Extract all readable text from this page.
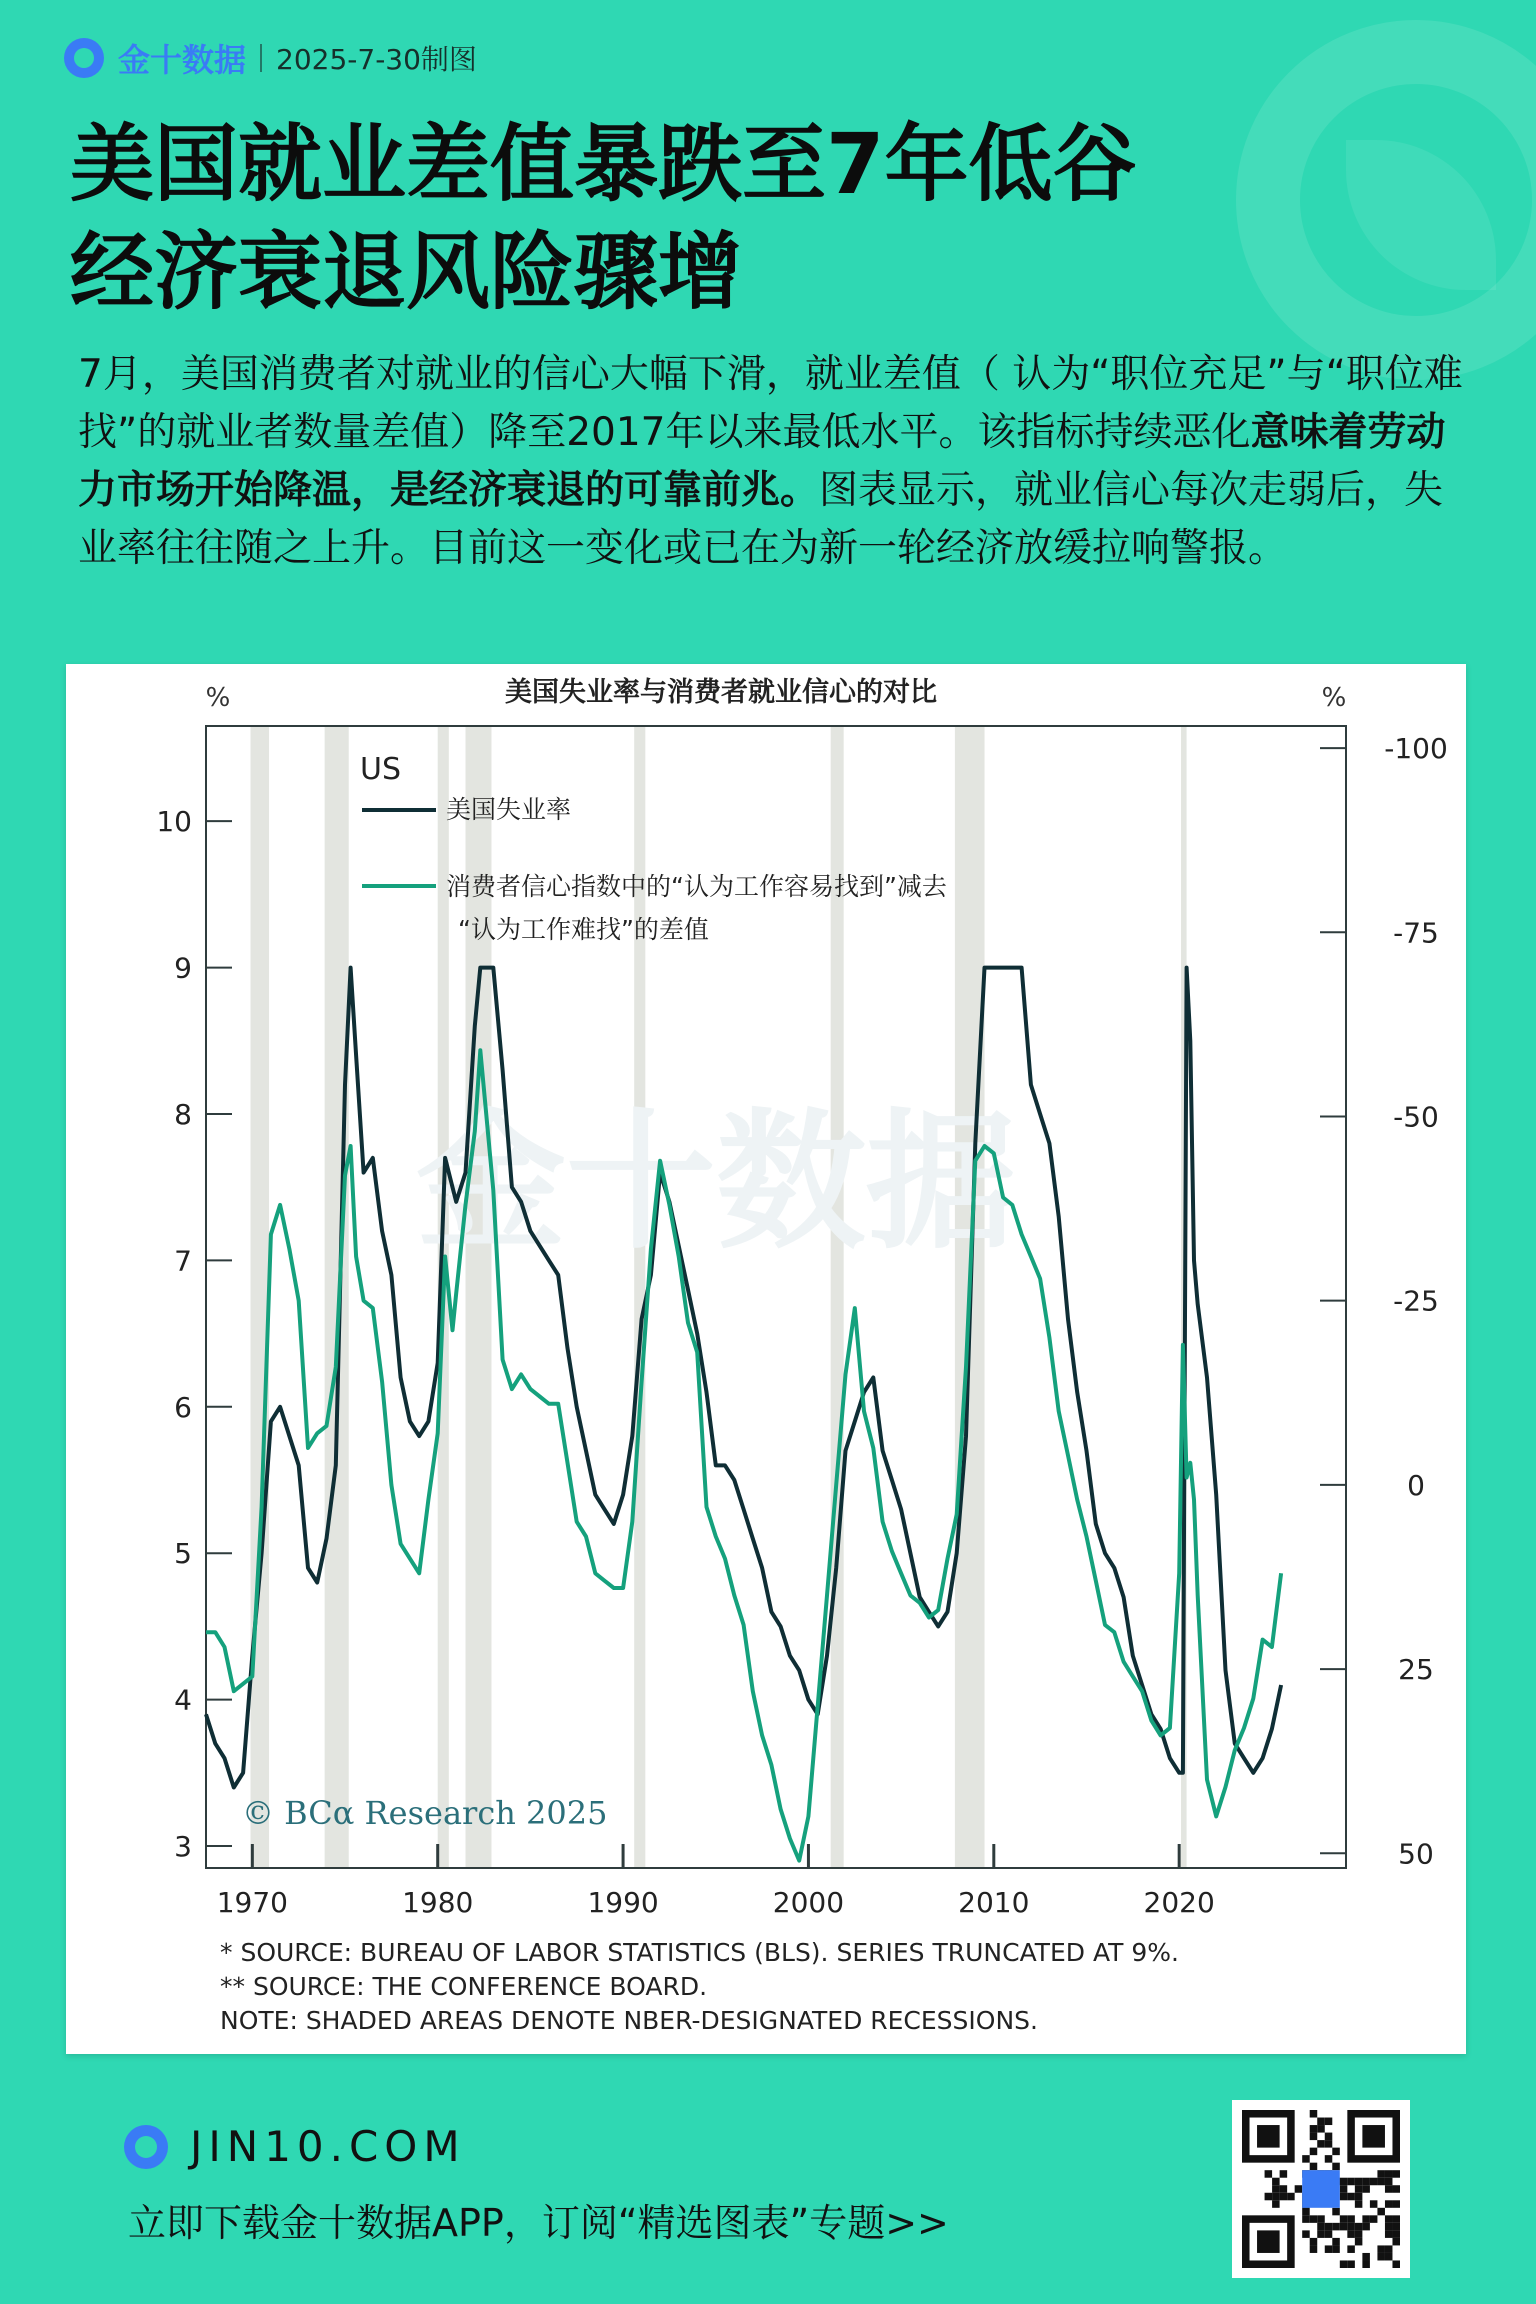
金十数据 2025-7-30制图
美国就业差值暴跌至7年低谷
经济衰退风险骤增
7月，美国消费者对就业的信心大幅下滑，就业差值（ 认为“职位充足”与“职位难找”的就业者数量差值）降至2017年以来最低水平。该指标持续恶化意味着劳动力市场开始降温，是经济衰退的可靠前兆。图表显示，就业信心每次走弱后，失业率往往随之上升。目前这一变化或已在为新一轮经济放缓拉响警报。
金十数据
美国失业率与消费者就业信心的对比
%	%
10
9
8
7
6
5
4
3
-100
-75
-50
-25
0
25
50
1970	1980	1990	2000	2010	2020
US
美国失业率
消费者信心指数中的“认为工作容易找到”减去
“认为工作难找”的差值
© BCα Research 2025
* SOURCE: BUREAU OF LABOR STATISTICS (BLS). SERIES TRUNCATED AT 9%.
** SOURCE: THE CONFERENCE BOARD.
NOTE: SHADED AREAS DENOTE NBER-DESIGNATED RECESSIONS.
JIN10.COM
立即下载金十数据APP，订阅“精选图表”专题>>
